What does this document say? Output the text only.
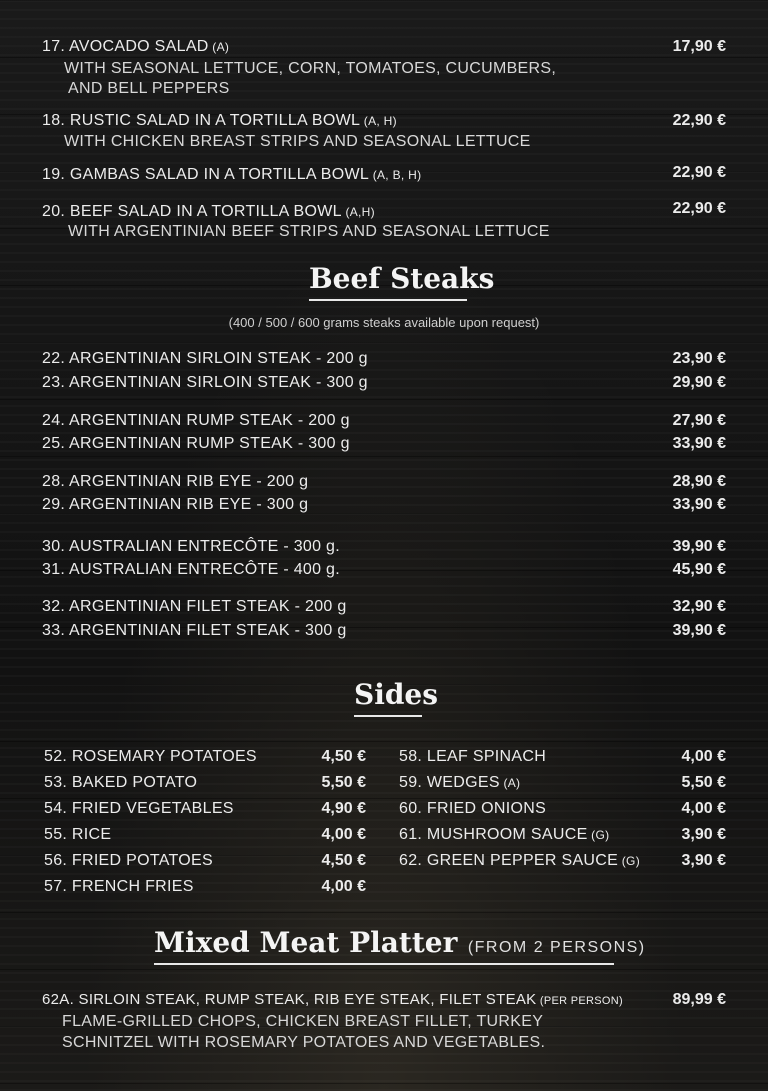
17. AVOCADO SALAD (A)	17,90 €
WITH SEASONAL LETTUCE, CORN, TOMATOES, CUCUMBERS,
AND BELL PEPPERS
18. RUSTIC SALAD IN A TORTILLA BOWL (A, H)	22,90 €
WITH CHICKEN BREAST STRIPS AND SEASONAL LETTUCE
19. GAMBAS SALAD IN A TORTILLA BOWL (A, B, H)	22,90 €
20. BEEF SALAD IN A TORTILLA BOWL (A,H)	22,90 €
WITH ARGENTINIAN BEEF STRIPS AND SEASONAL LETTUCE
Beef Steaks
(400 / 500 / 600 grams steaks available upon request)
22. ARGENTINIAN SIRLOIN STEAK - 200 g	23,90 €
23. ARGENTINIAN SIRLOIN STEAK - 300 g	29,90 €
24. ARGENTINIAN RUMP STEAK - 200 g	27,90 €
25. ARGENTINIAN RUMP STEAK - 300 g	33,90 €
28. ARGENTINIAN RIB EYE - 200 g	28,90 €
29. ARGENTINIAN RIB EYE - 300 g	33,90 €
30. AUSTRALIAN ENTRECÔTE - 300 g.	39,90 €
31. AUSTRALIAN ENTRECÔTE - 400 g.	45,90 €
32. ARGENTINIAN FILET STEAK - 200 g	32,90 €
33. ARGENTINIAN FILET STEAK - 300 g	39,90 €
Sides
52. ROSEMARY POTATOES	4,50 €
53. BAKED POTATO	5,50 €
54. FRIED VEGETABLES	4,90 €
55. RICE	4,00 €
56. FRIED POTATOES	4,50 €
57. FRENCH FRIES	4,00 €
58. LEAF SPINACH	4,00 €
59. WEDGES (A)	5,50 €
60. FRIED ONIONS	4,00 €
61. MUSHROOM SAUCE (G)	3,90 €
62. GREEN PEPPER SAUCE (G)	3,90 €
Mixed Meat Platter (FROM 2 PERSONS)
62A. SIRLOIN STEAK, RUMP STEAK, RIB EYE STEAK, FILET STEAK (PER PERSON)	89,99 €
FLAME-GRILLED CHOPS, CHICKEN BREAST FILLET, TURKEY
SCHNITZEL WITH ROSEMARY POTATOES AND VEGETABLES.
